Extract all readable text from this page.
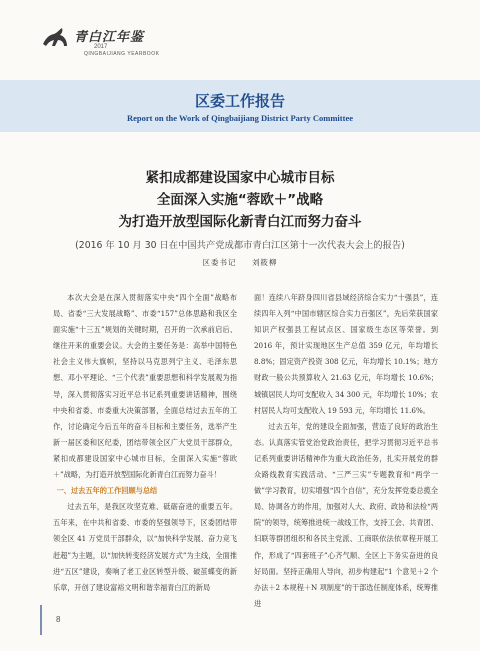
青白江年鉴
2017
QINGBAIJIANG YEARBOOK
区委工作报告
Report on the Work of Qingbaijiang District Party Committee
紧扣成都建设国家中心城市目标
全面深入实施“蓉欧＋”战略
为打造开放型国际化新青白江而努力奋斗
(2016 年 10 月 30 日在中国共产党成都市青白江区第十一次代表大会上的报告)
区委书记 刘筱柳

本次大会是在深入贯彻落实中央“四个全面”战略布局、省委“三大发展战略”、市委“157”总体思路和我区全面实施“十三五”规划的关键时期，召开的一次承前启后、继往开来的重要会议。大会的主要任务是：高举中国特色社会主义伟大旗帜，坚持以马克思列宁主义、毛泽东思想、邓小平理论、“三个代表”重要思想和科学发展观为指导，深入贯彻落实习近平总书记系列重要讲话精神，围绕中央和省委、市委重大决策部署，全面总结过去五年的工作，讨论确定今后五年的奋斗目标和主要任务，选举产生新一届区委和区纪委，团结带领全区广大党员干部群众，紧扣成都建设国家中心城市目标，全面深入实施“蓉欧＋”战略，为打造开放型国际化新青白江而努力奋斗！

一、过去五年的工作回顾与总结

过去五年，是我区攻坚克难、砥砺奋进的重要五年。五年来，在中共和省委、市委的坚强领导下，区委团结带领全区 41 万党员干部群众，以“加快科学发展、奋力竞飞赶超”为主题，以“加快转变经济发展方式”为主线，全面推进“五区”建设，奏响了老工业区转型升级、破茧蝶变的新乐章，开创了建设富裕文明和谐幸福青白江的新局

面！连续八年跻身四川省县域经济综合实力“十强县”，连续四年入列“中国市辖区综合实力百强区”，先后荣获国家知识产权强县工程试点区、国家级生态区等荣誉。到 2016 年，预计实现地区生产总值 359 亿元，年均增长 8.8%；固定资产投资 308 亿元，年均增长 10.1%；地方财政一般公共预算收入 21.63 亿元，年均增长 10.6%；城镇居民人均可支配收入 34 300 元，年均增长 10%；农村居民人均可支配收入 19 593 元，年均增长 11.6%。

过去五年，党的建设全面加强，营造了良好的政治生态。认真落实管党治党政治责任，把学习贯彻习近平总书记系列重要讲话精神作为重大政治任务，扎实开展党的群众路线教育实践活动、“三严三实”专题教育和“两学一做”学习教育，切实增强“四个自信”，充分发挥党委总揽全局、协调各方的作用，加强对人大、政府、政协和法检“两院”的领导，统筹推进统一战线工作，支持工会、共青团、妇联等群团组织和各民主党派、工商联依法依章程开展工作，形成了“四套班子”心齐气顺、全区上下务实奋进的良好局面。坚持正确用人导向，初步构建起“1 个意见＋2 个办法＋2 本规程＋N 项制度”的干部选任制度体系，统筹推进

8
